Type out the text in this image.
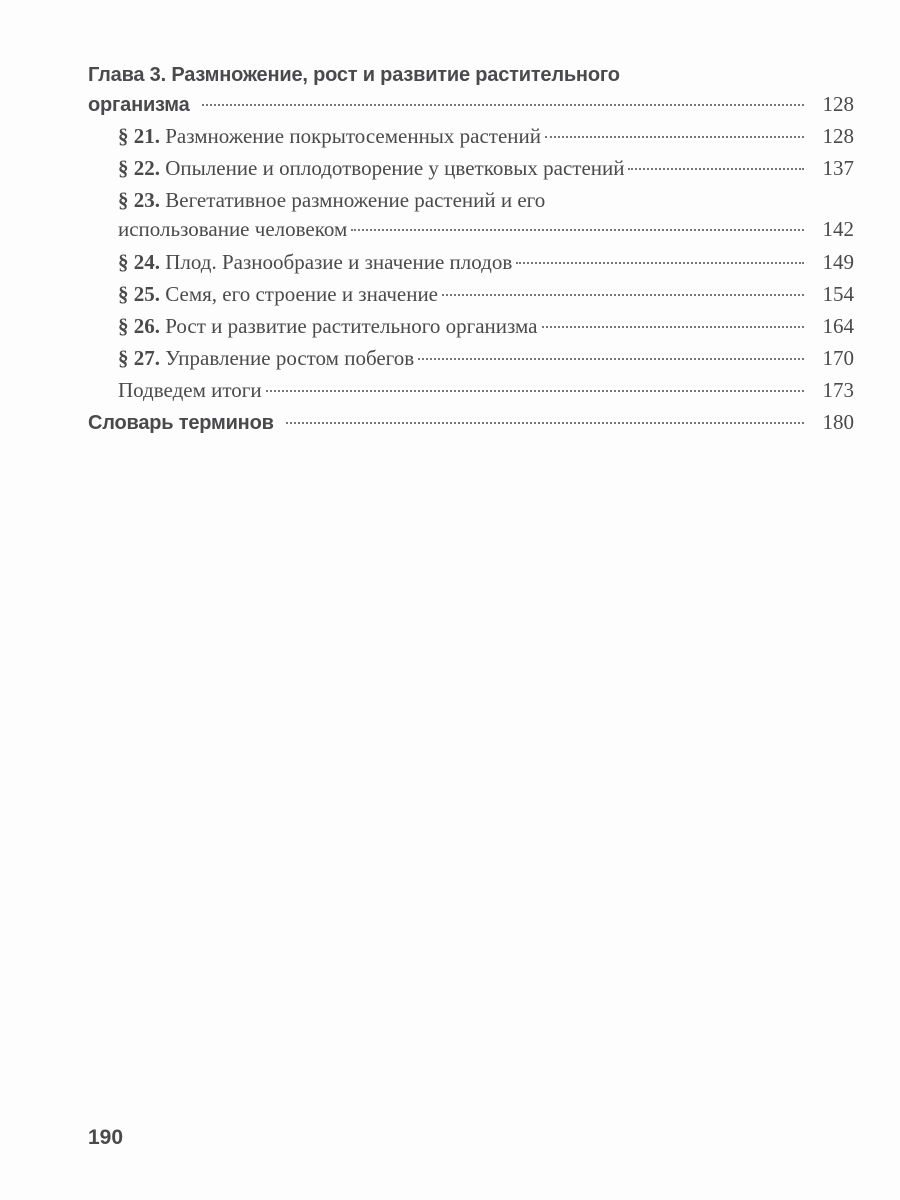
Глава 3. Размножение, рост и развитие растительного
организма	128
§ 21. Размножение покрытосеменных растений	128
§ 22. Опыление и оплодотворение у цветковых растений	137
§ 23. Вегетативное размножение растений и его
использование человеком	142
§ 24. Плод. Разнообразие и значение плодов	149
§ 25. Семя, его строение и значение	154
§ 26. Рост и развитие растительного организма	164
§ 27. Управление ростом побегов	170
Подведем итоги	173
Словарь терминов	180
190
